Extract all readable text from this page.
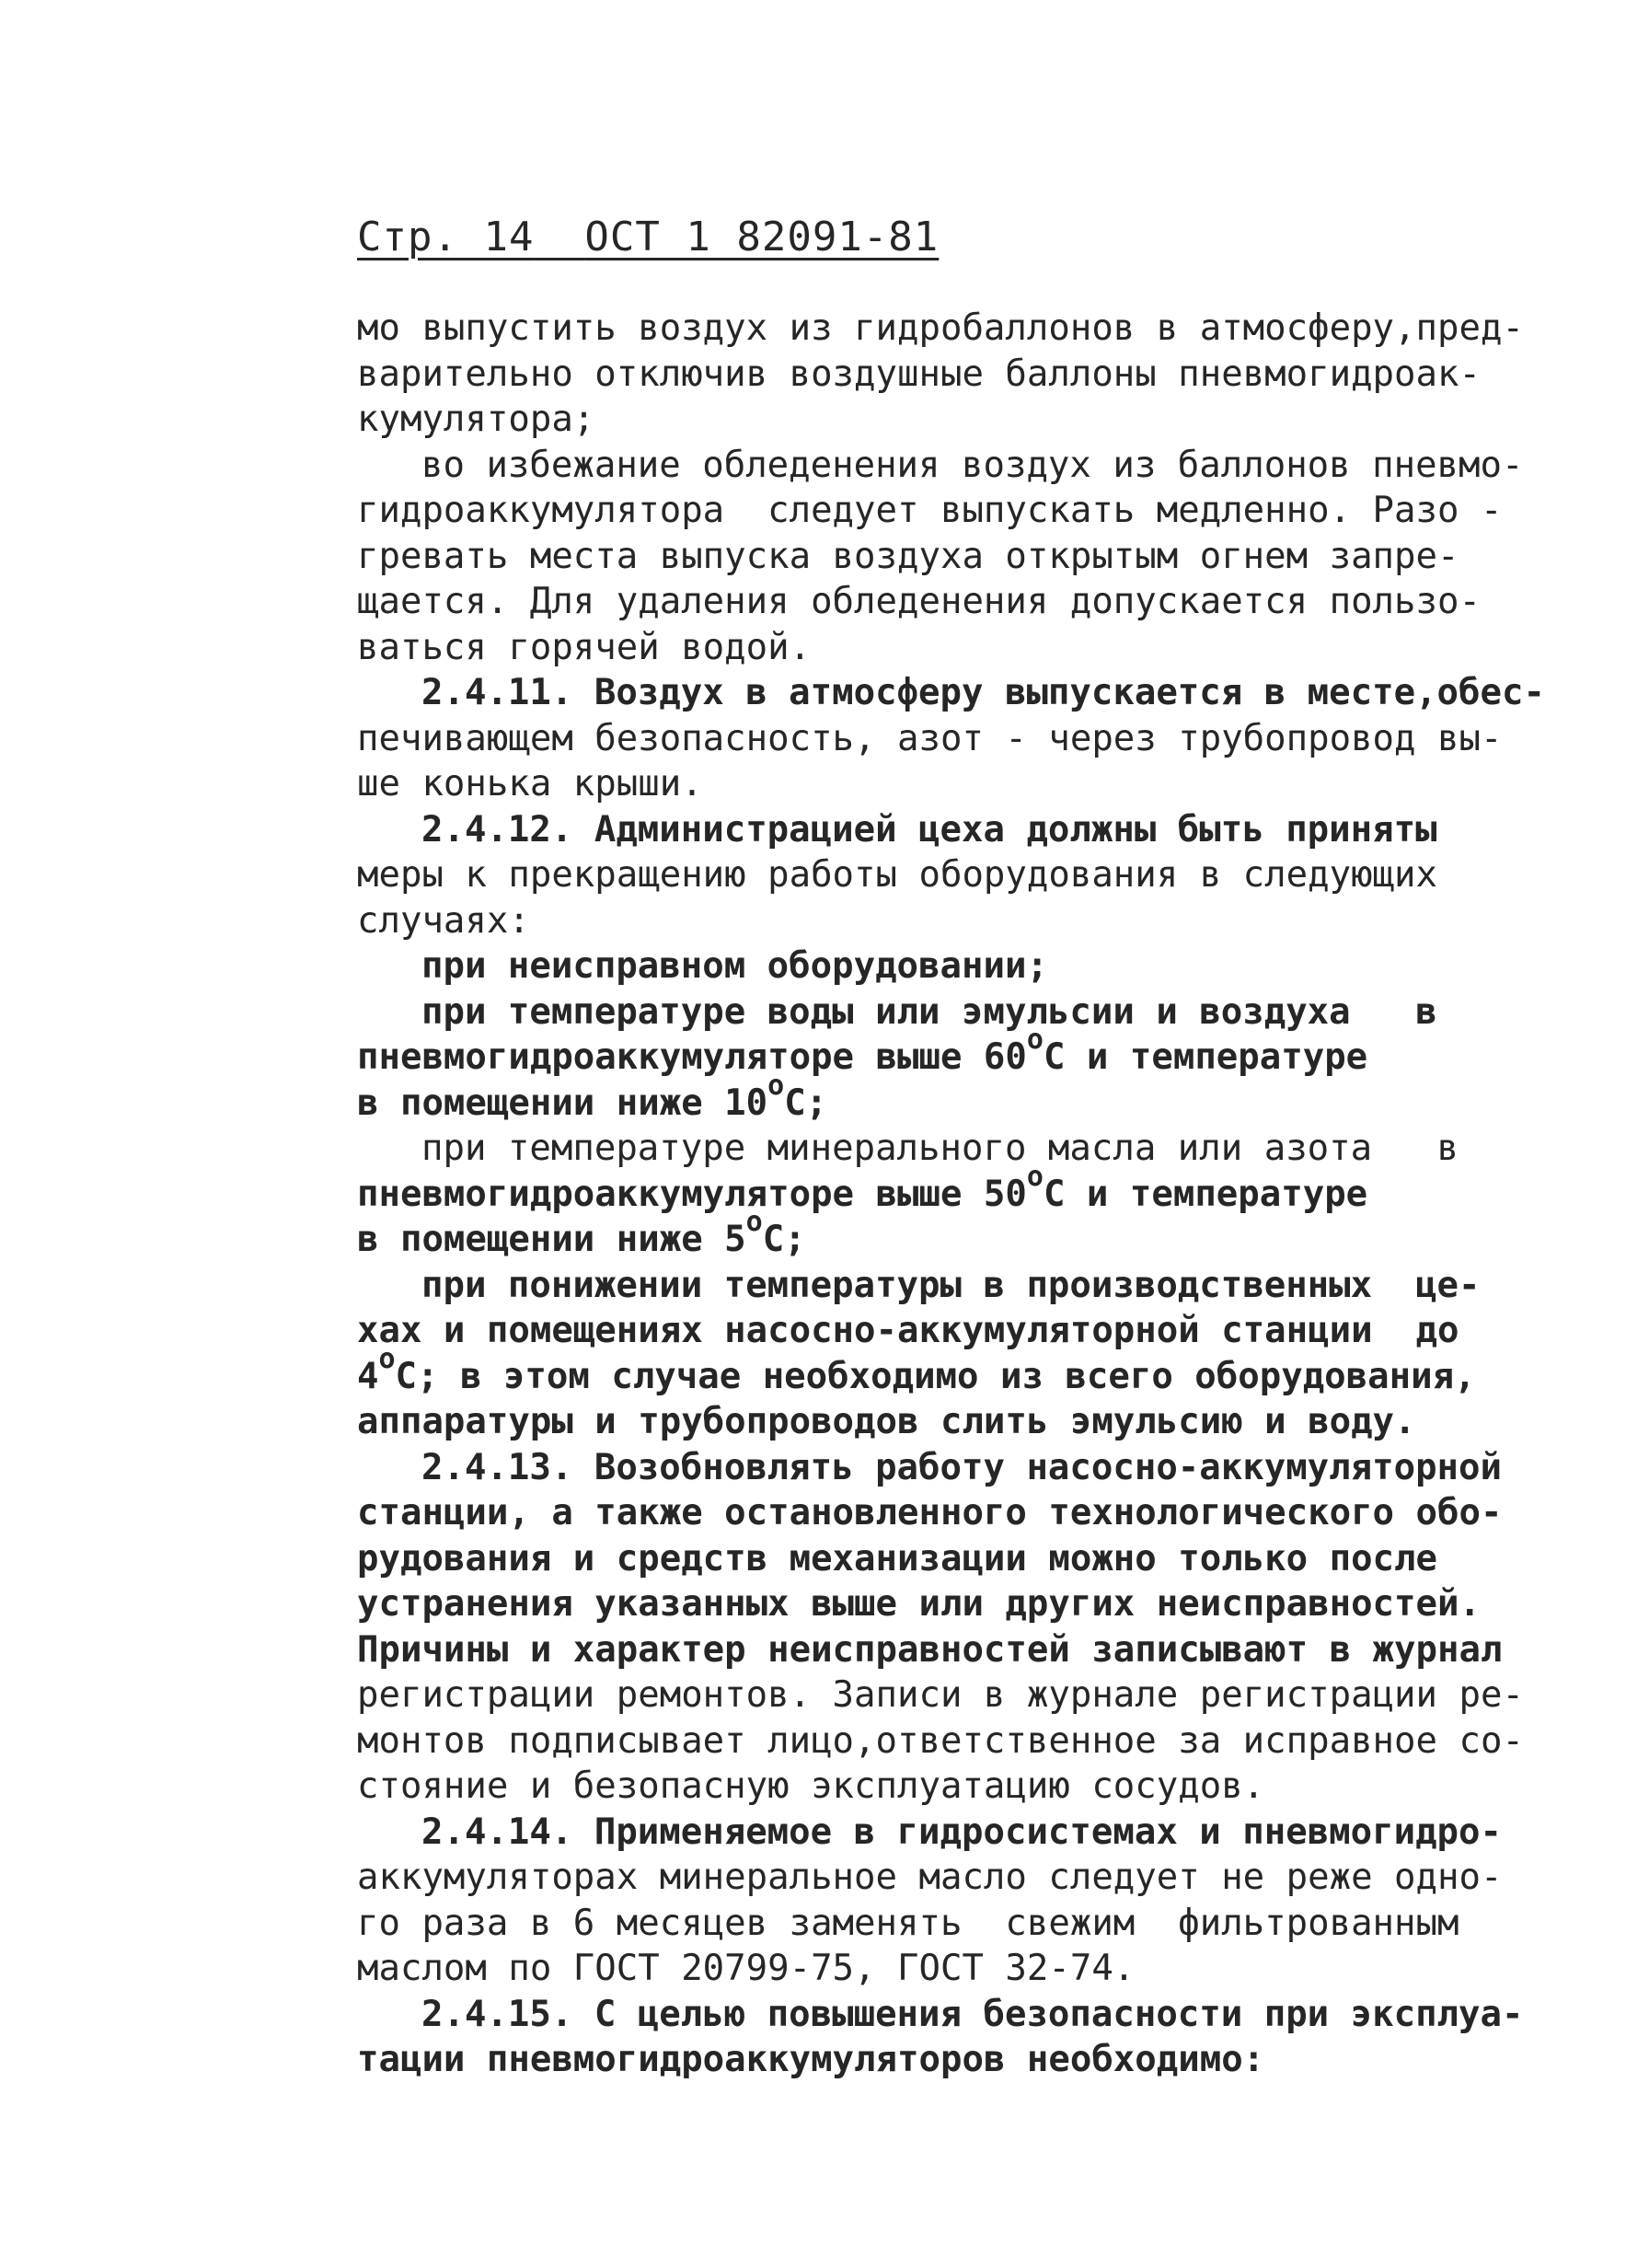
Стр. 14 ОСТ 1 82091-81
мо выпустить воздух из гидробаллонов в атмосферу,пред-
варительно отключив воздушные баллоны пневмогидроак-
кумулятора;
во избежание обледенения воздух из баллонов пневмо-
гидроаккумулятора  следует выпускать медленно. Разо -
гревать места выпуска воздуха открытым огнем запре-
щается. Для удаления обледенения допускается пользо-
ваться горячей водой.
2.4.11. Воздух в атмосферу выпускается в месте,обес-
печивающем безопасность, азот - через трубопровод вы-
ше конька крыши.
2.4.12. Администрацией цеха должны быть приняты
меры к прекращению работы оборудования в следующих
случаях:
при неисправном оборудовании;
при температуре воды или эмульсии и воздуха   в
пневмогидроаккумуляторе выше 60$^o$C и температуре
в помещении ниже 10$^o$C;
при температуре минерального масла или азота   в
пневмогидроаккумуляторе выше 50$^o$C и температуре
в помещении ниже 5$^o$C;
при понижении температуры в производственных  це-
хах и помещениях насосно-аккумуляторной станции  до
4$^o$C; в этом случае необходимо из всего оборудования,
аппаратуры и трубопроводов слить эмульсию и воду.
2.4.13. Возобновлять работу насосно-аккумуляторной
станции, а также остановленного технологического обо-
рудования и средств механизации можно только после
устранения указанных выше или других неисправностей.
Причины и характер неисправностей записывают в журнал
регистрации ремонтов. Записи в журнале регистрации ре-
монтов подписывает лицо,ответственное за исправное со-
стояние и безопасную эксплуатацию сосудов.
2.4.14. Применяемое в гидросистемах и пневмогидро-
аккумуляторах минеральное масло следует не реже одно-
го раза в 6 месяцев заменять  свежим  фильтрованным
маслом по ГОСТ 20799-75, ГОСТ 32-74.
2.4.15. С целью повышения безопасности при эксплуа-
тации пневмогидроаккумуляторов необходимо:
